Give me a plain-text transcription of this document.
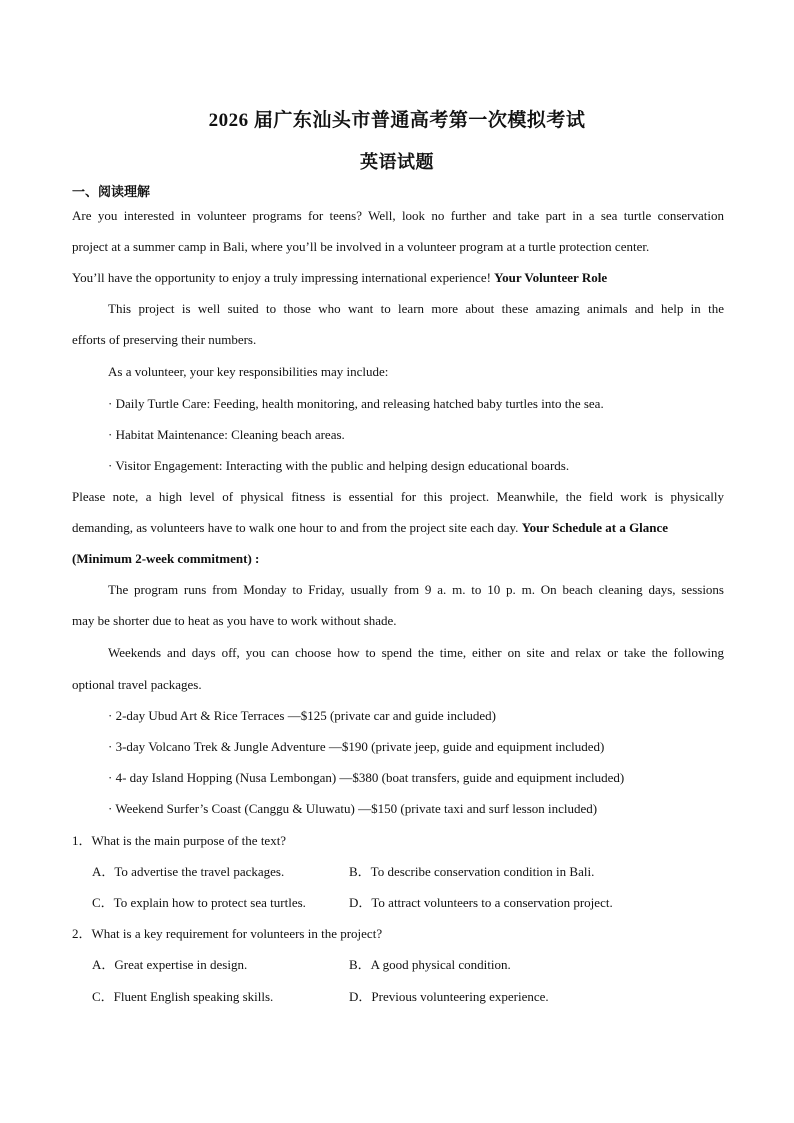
2026 届广东汕头市普通高考第一次模拟考试
英语试题
一、阅读理解
Are you interested in volunteer programs for teens? Well, look no further and take part in a sea turtle conservation
project at a summer camp in Bali, where you’ll be involved in a volunteer program at a turtle protection center.
You’ll have the opportunity to enjoy a truly impressing international experience! Your Volunteer Role
This project is well suited to those who want to learn more about these amazing animals and help in the
efforts of preserving their numbers.
As a volunteer, your key responsibilities may include:
· Daily Turtle Care: Feeding, health monitoring, and releasing hatched baby turtles into the sea.
· Habitat Maintenance: Cleaning beach areas.
· Visitor Engagement: Interacting with the public and helping design educational boards.
Please note, a high level of physical fitness is essential for this project. Meanwhile, the field work is physically
demanding, as volunteers have to walk one hour to and from the project site each day. Your Schedule at a Glance
(Minimum 2-week commitment) :
The program runs from Monday to Friday, usually from 9 a. m. to 10 p. m. On beach cleaning days, sessions
may be shorter due to heat as you have to work without shade.
Weekends and days off, you can choose how to spend the time, either on site and relax or take the following
optional travel packages.
· 2-day Ubud Art & Rice Terraces —$125 (private car and guide included)
· 3-day Volcano Trek & Jungle Adventure —$190 (private jeep, guide and equipment included)
· 4- day Island Hopping (Nusa Lembongan) —$380 (boat transfers, guide and equipment included)
· Weekend Surfer’s Coast (Canggu & Uluwatu) —$150 (private taxi and surf lesson included)
1．What is the main purpose of the text?
A．To advertise the travel packages.	B．To describe conservation condition in Bali.
C．To explain how to protect sea turtles.	D．To attract volunteers to a conservation project.
2．What is a key requirement for volunteers in the project?
A．Great expertise in design.	B．A good physical condition.
C．Fluent English speaking skills.	D．Previous volunteering experience.
